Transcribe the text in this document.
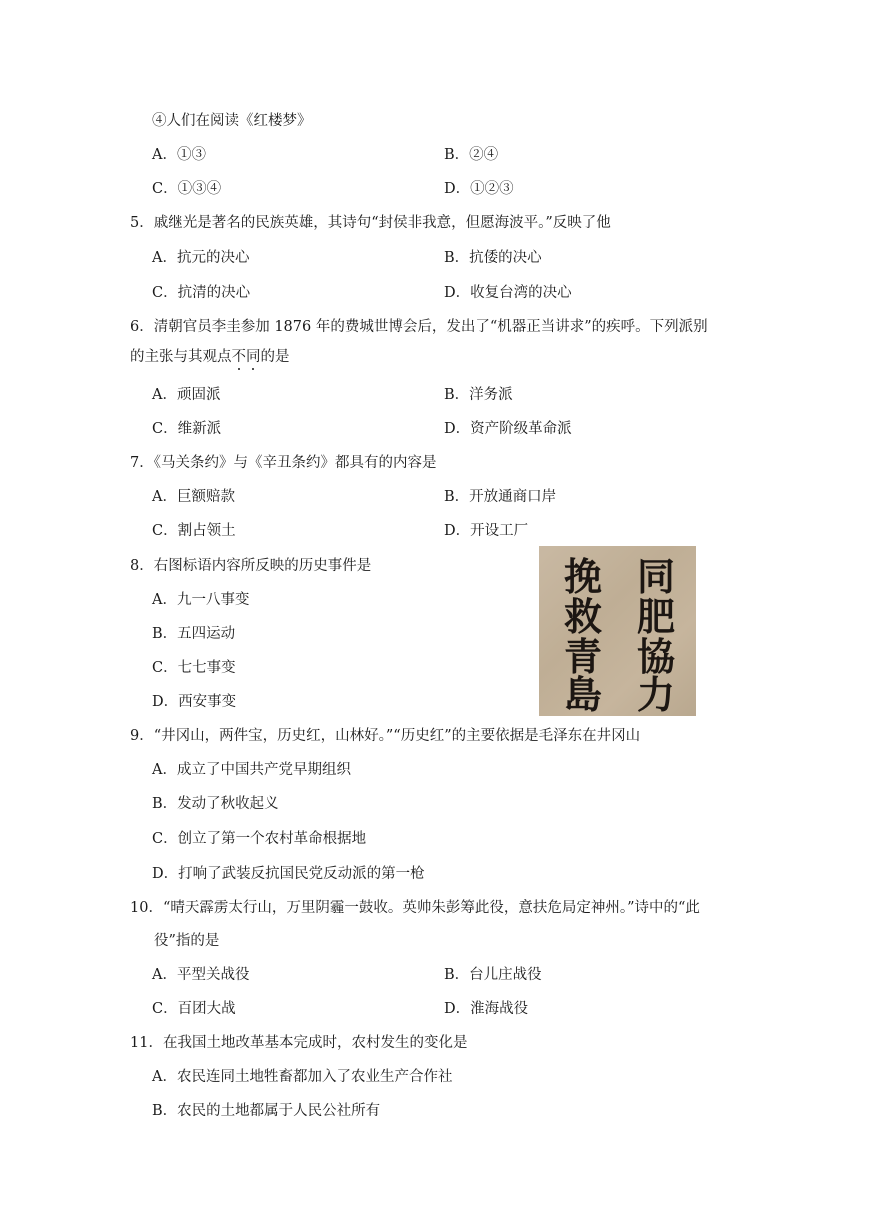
④人们在阅读《红楼梦》
A．①③	B．②④
C．①③④	D．①②③
5．戚继光是著名的民族英雄，其诗句“封侯非我意，但愿海波平。”反映了他
A．抗元的决心	B．抗倭的决心
C．抗清的决心	D．收复台湾的决心
6．清朝官员李圭参加 1876 年的费城世博会后，发出了“机器正当讲求”的疾呼。下列派别
的主张与其观点不同的是
A．顽固派	B．洋务派
C．维新派	D．资产阶级革命派
7．《马关条约》与《辛丑条约》都具有的内容是
A．巨额赔款	B．开放通商口岸
C．割占领土	D．开设工厂
8．右图标语内容所反映的历史事件是
A．九一八事变
B．五四运动
C．七七事变
D．西安事变
同
肥
協
力
挽
救
青
島
9．“井冈山，两件宝，历史红，山林好。”“历史红”的主要依据是毛泽东在井冈山
A．成立了中国共产党早期组织
B．发动了秋收起义
C．创立了第一个农村革命根据地
D．打响了武装反抗国民党反动派的第一枪
10．“晴天霹雳太行山，万里阴霾一鼓收。英帅朱彭筹此役，意扶危局定神州。”诗中的“此
役”指的是
A．平型关战役	B．台儿庄战役
C．百团大战	D．淮海战役
11．在我国土地改革基本完成时，农村发生的变化是
A．农民连同土地牲畜都加入了农业生产合作社
B．农民的土地都属于人民公社所有
